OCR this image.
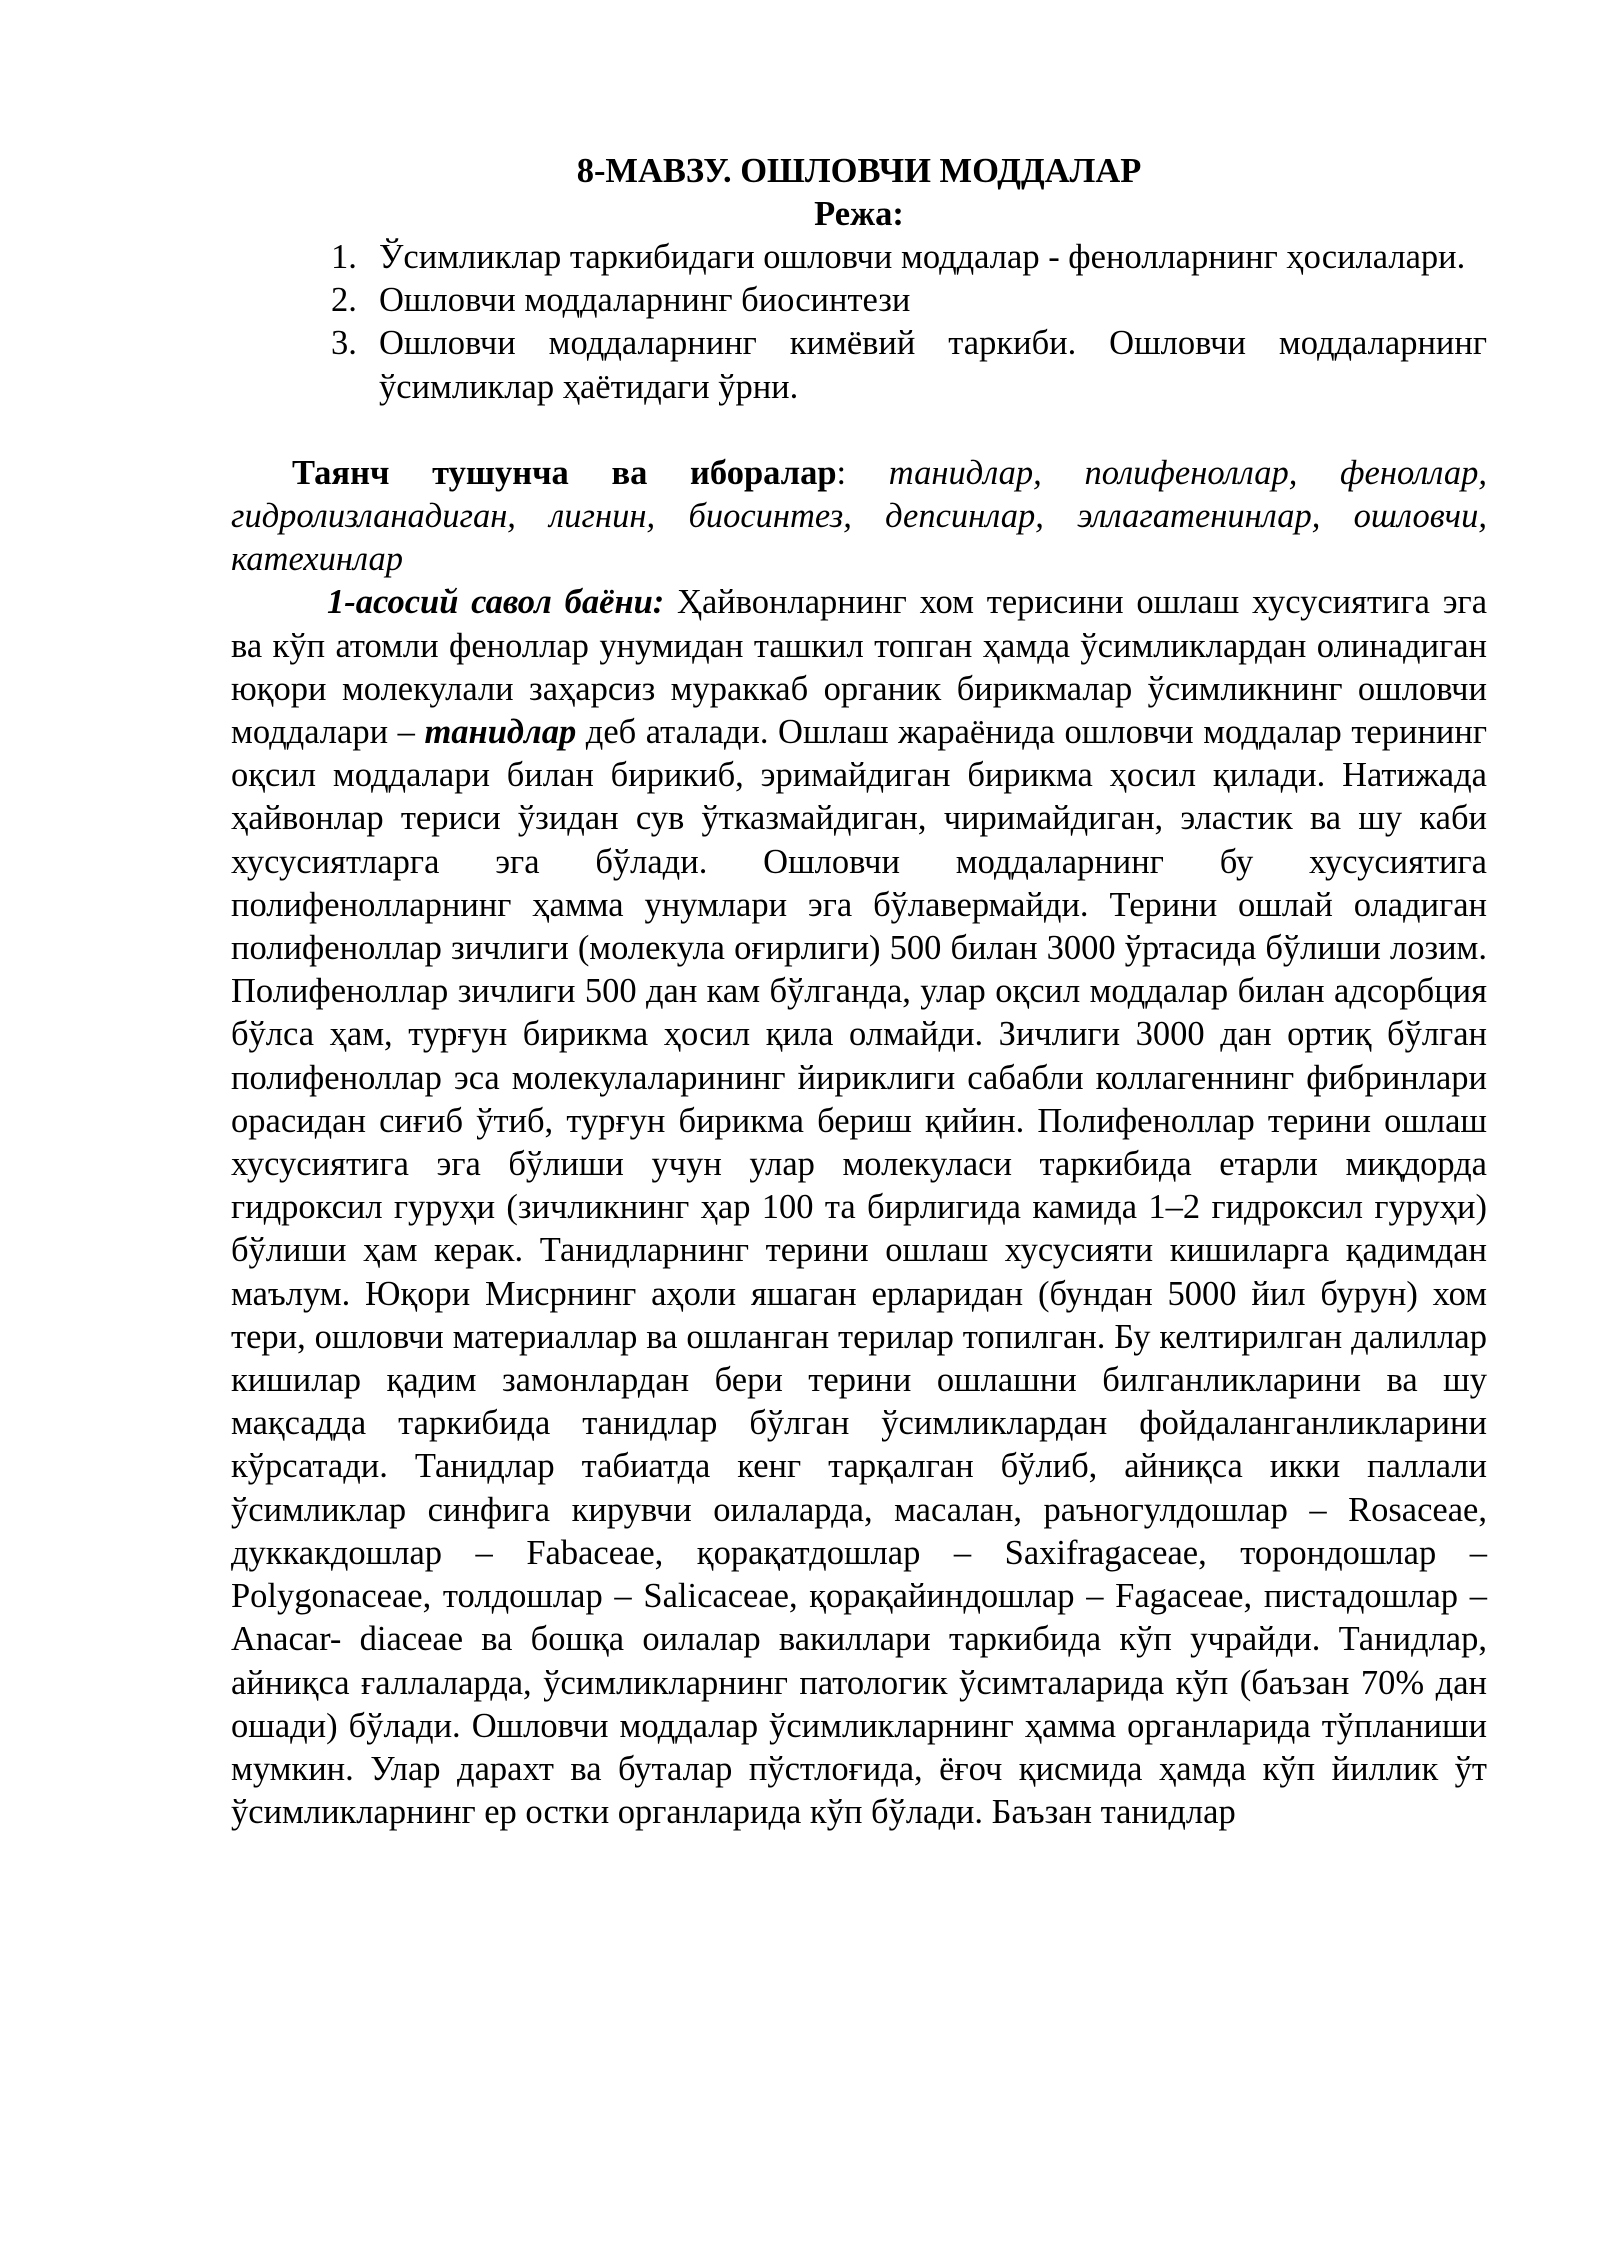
8-МАВЗУ. ОШЛОВЧИ МОДДАЛАР

Режа:

1. Ўсимликлар таркибидаги ошловчи моддалар - фенолларнинг ҳосилалари.
2. Ошловчи моддаларнинг биосинтези
3. Ошловчи моддаларнинг кимёвий таркиби. Ошловчи моддаларнинг ўсимликлар ҳаётидаги ўрни.

Таянч тушунча ва иборалар: танидлар, полифеноллар, феноллар, гидролизланадиган, лигнин, биосинтез, депсинлар, эллагатенинлар, ошловчи, катехинлар

1-асосий савол баёни: Ҳайвонларнинг хом терисини ошлаш хусусиятига эга ва кўп атомли феноллар унумидан ташкил топган ҳамда ўсимликлардан олинадиган юқори молекулали заҳарсиз мураккаб органик бирикмалар ўсимликнинг ошловчи моддалари – танидлар деб аталади. Ошлаш жараёнида ошловчи моддалар терининг оқсил моддалари билан бирикиб, эримайдиган бирикма ҳосил қилади. Натижада ҳайвонлар териси ўзидан сув ўтказмайдиган, чиримайдиган, эластик ва шу каби хусусиятларга эга бўлади. Ошловчи моддаларнинг бу хусусиятига полифенолларнинг ҳамма унумлари эга бўлавермайди. Терини ошлай оладиган полифеноллар зичлиги (молекула оғирлиги) 500 билан 3000 ўртасида бўлиши лозим. Полифеноллар зичлиги 500 дан кам бўлганда, улар оқсил моддалар билан адсорбция бўлса ҳам, турғун бирикма ҳосил қила олмайди. Зичлиги 3000 дан ортиқ бўлган полифеноллар эса молекулаларининг йириклиги сабабли коллагеннинг фибринлари орасидан сиғиб ўтиб, турғун бирикма бериш қийин. Полифеноллар терини ошлаш хусусиятига эга бўлиши учун улар молекуласи таркибида етарли миқдорда гидроксил гуруҳи (зичликнинг ҳар 100 та бирлигида камида 1–2 гидроксил гуруҳи) бўлиши ҳам керак. Танидларнинг терини ошлаш хусусияти кишиларга қадимдан маълум. Юқори Мисрнинг аҳоли яшаган ерларидан (бундан 5000 йил бурун) хом тери, ошловчи материаллар ва ошланган терилар топилган. Бу келтирилган далиллар кишилар қадим замонлардан бери терини ошлашни билганликларини ва шу мақсадда таркибида танидлар бўлган ўсимликлардан фойдаланганликларини кўрсатади. Танидлар табиатда кенг тарқалган бўлиб, айниқса икки паллали ўсимликлар синфига кирувчи оилаларда, масалан, раъногулдошлар – Rosaceae, дуккакдошлар – Fabaceae, қорақатдошлар – Saxifragaceae, торондошлар –Polygonaceae, толдошлар – Salicaceae, қорақайиндошлар – Fagaceae, пистадошлар – Anacar- diaceae ва бошқа оилалар вакиллари таркибида кўп учрайди. Танидлар, айниқса ғаллаларда, ўсимликларнинг патологик ўсимталарида кўп (баъзан 70% дан ошади) бўлади. Ошловчи моддалар ўсимликларнинг ҳамма органларида тўпланиши мумкин. Улар дарахт ва буталар пўстлоғида, ёғоч қисмида ҳамда кўп йиллик ўт ўсимликларнинг ер остки органларида кўп бўлади. Баъзан танидлар
